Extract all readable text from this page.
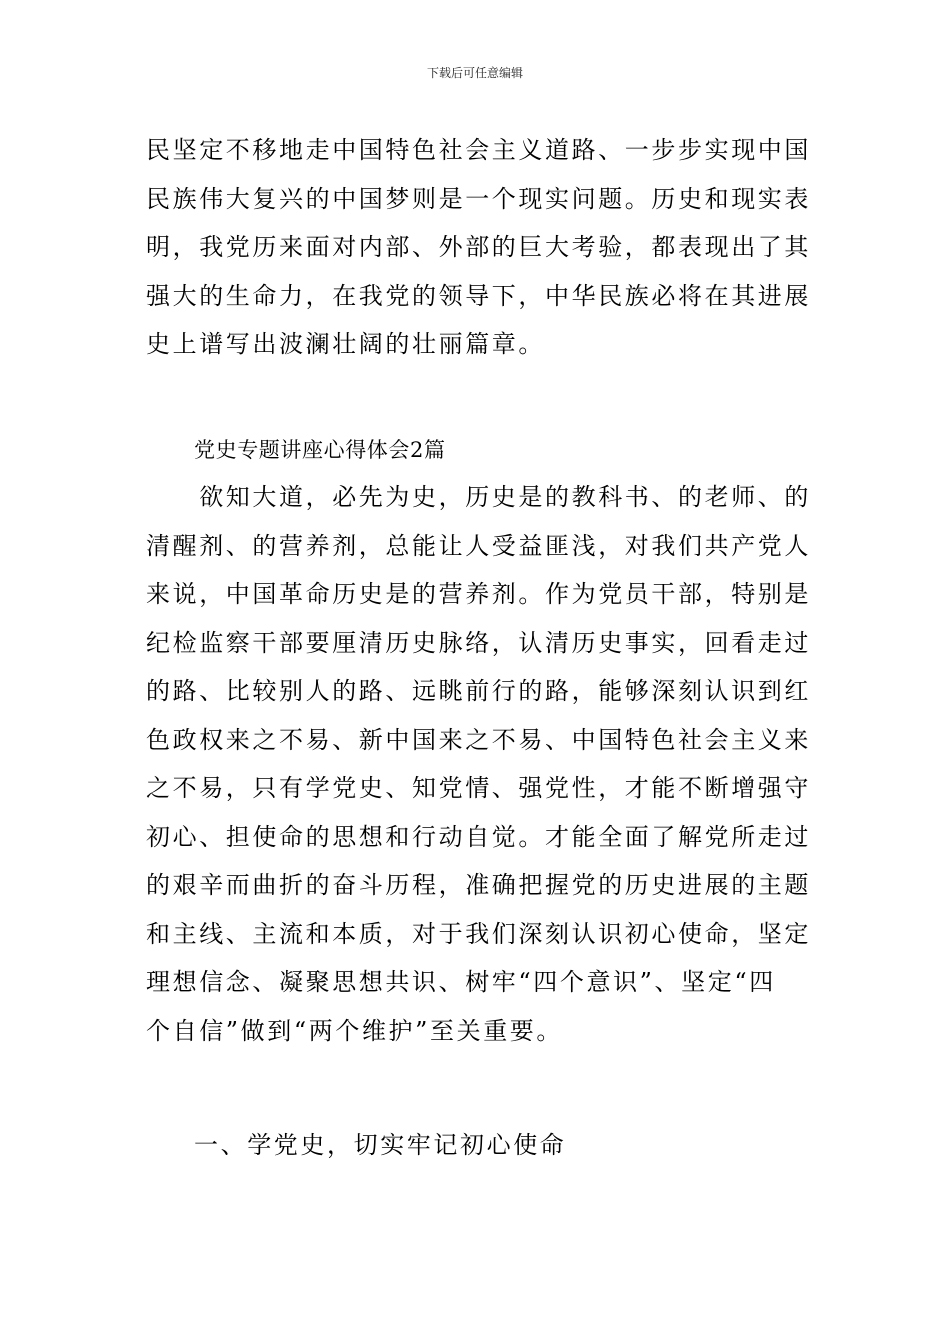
下载后可任意编辑
民坚定不移地走中国特色社会主义道路、一步步实现中国
民族伟大复兴的中国梦则是一个现实问题。历史和现实表
明，我党历来面对内部、外部的巨大考验，都表现出了其
强大的生命力，在我党的领导下，中华民族必将在其进展
史上谱写出波澜壮阔的壮丽篇章。
党史专题讲座心得体会2篇
　　欲知大道，必先为史，历史是的教科书、的老师、的
清醒剂、的营养剂，总能让人受益匪浅，对我们共产党人
来说，中国革命历史是的营养剂。作为党员干部，特别是
纪检监察干部要厘清历史脉络，认清历史事实，回看走过
的路、比较别人的路、远眺前行的路，能够深刻认识到红
色政权来之不易、新中国来之不易、中国特色社会主义来
之不易，只有学党史、知党情、强党性，才能不断增强守
初心、担使命的思想和行动自觉。才能全面了解党所走过
的艰辛而曲折的奋斗历程，准确把握党的历史进展的主题
和主线、主流和本质，对于我们深刻认识初心使命，坚定
理想信念、凝聚思想共识、树牢“四个意识”、坚定“四
个自信”做到“两个维护”至关重要。
一、学党史，切实牢记初心使命
